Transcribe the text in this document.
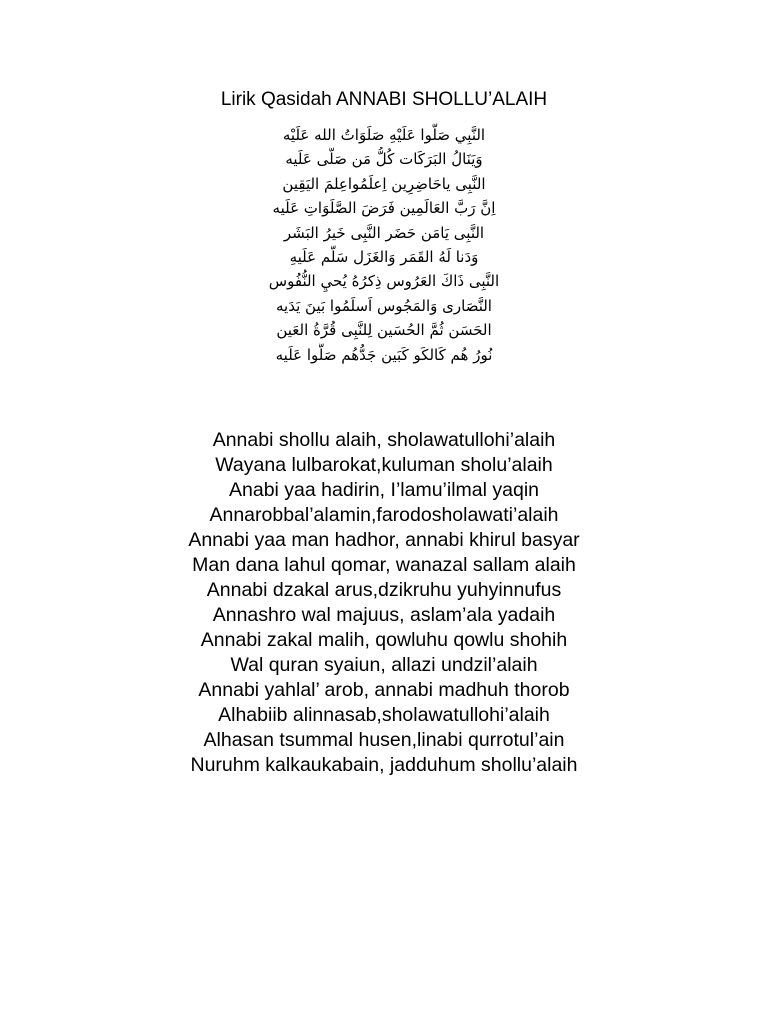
Lirik Qasidah ANNABI SHOLLU’ALAIH
النَّبِي صَلُّوا عَلَيْهِ صَلَوَاتُ الله عَلَيْه
وَيَنَالُ البَرَكَات كُلُّ مَن صَلَّى عَلَيه
النَّبِى ياحَاضِرِين اِعلَمُواعِلمَ اليَقِين
اِنَّ رَبَّ العَالَمِين فَرَضَ الصَّلَوَاتِ عَلَيه
النَّبِى يَامَن حَضَر النَّبِى خَيرُ البَشَر
وَدَنا لَهُ القَمَر وَالغَزَل سَلَّم عَلَيهِ
النَّبِى ذَاكَ العَرُوس ذِكرُهُ يُحيِ النُّفُوس
النَّصَارى وَالمَجُوس اَسلَمُوا بَينَ يَدَيه
الحَسَن ثُمَّ الحُسَين لِلنَّبِى قُرَّةُ العَين
نُورُ هُم كَالكَو كَبَين جَدُّهُم صَلُّوا عَلَيه
Annabi shollu alaih, sholawatullohi’alaih
Wayana lulbarokat,kuluman sholu’alaih
Anabi yaa hadirin, I’lamu’ilmal yaqin
Annarobbal’alamin,farodosholawati’alaih
Annabi yaa man hadhor, annabi khirul basyar
Man dana lahul qomar, wanazal sallam alaih
Annabi dzakal arus,dzikruhu yuhyinnufus
Annashro wal majuus, aslam’ala yadaih
Annabi zakal malih, qowluhu qowlu shohih
Wal quran syaiun, allazi undzil’alaih
Annabi yahlal’ arob, annabi madhuh thorob
Alhabiib alinnasab,sholawatullohi’alaih
Alhasan tsummal husen,linabi qurrotul’ain
Nuruhm kalkaukabain, jadduhum shollu’alaih
